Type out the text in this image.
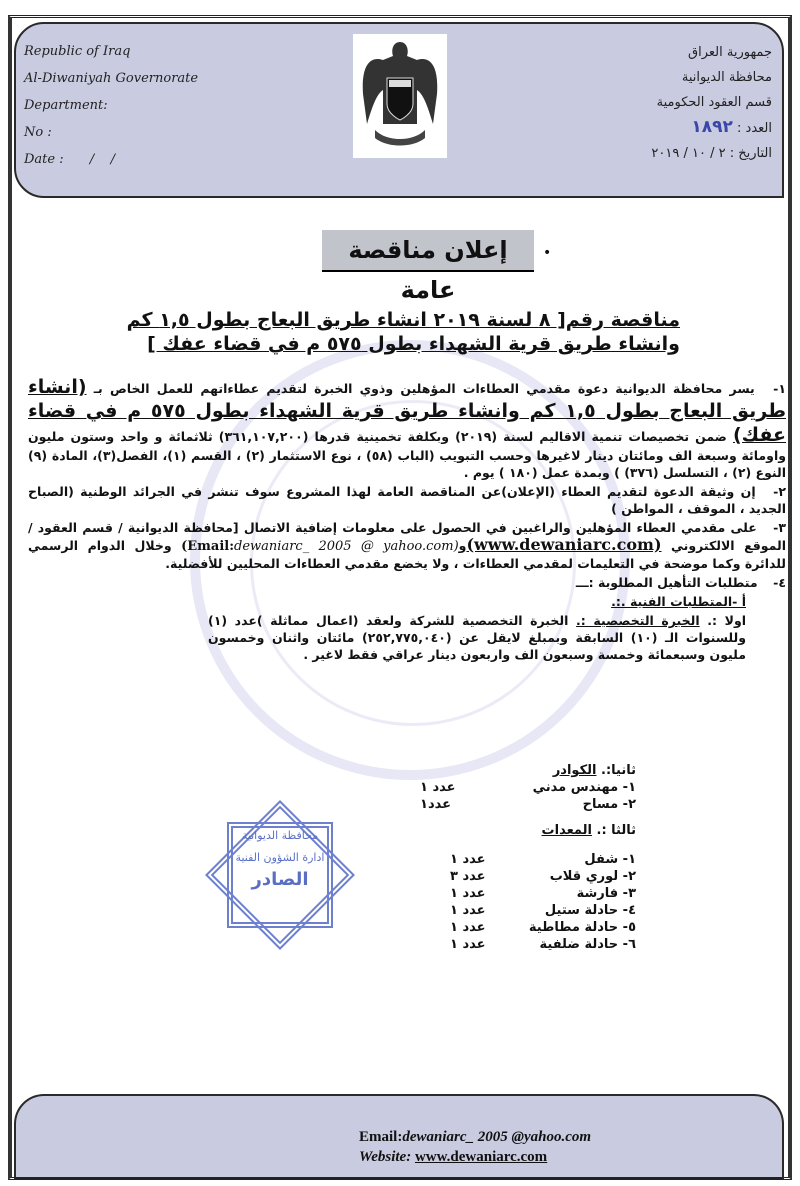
Republic of Iraq
Al-Diwaniyah Governorate
Department:
No :
Date : /    /
جمهورية العراق
محافظة الديوانية
قسم العقود الحكومية
العدد : ١٨٩٢
التاريخ : ٢ / ١٠ / ٢٠١٩
إعلان مناقصة عامة
•
مناقصة رقم[ ٨ لسنة ٢٠١٩ انشاء طريق البعاج بطول ١,٥ كم وانشاء طريق قرية الشهداء بطول ٥٧٥ م في قضاء عفك ]

١- يسر محافظة الديوانية دعوة مقدمي العطاءات المؤهلين وذوي الخبرة لتقديم عطاءاتهم للعمل الخاص بـ (انشاء طريق البعاج بطول ١,٥ كم وانشاء طريق قرية الشهداء بطول ٥٧٥ م في قضاء عفك) ضمن تخصيصات تنمية الاقاليم لسنة (٢٠١٩) وبكلفة تخمينية قدرها (٣٦١,١٠٧,٢٠٠) ثلاثمائة و واحد وستون مليون واومائة وسبعة الف ومائتان دينار لاغيرها وحسب التبويب (الباب (٥٨) ، نوع الاستثمار (٢) ، القسم (١)، الفصل(٣)، المادة (٩) النوع (٢) ، التسلسل (٣٧٦) ) وبمدة عمل (١٨٠ ) يوم .

٢- إن وثيقة الدعوة لتقديم العطاء (الإعلان)عن المناقصة العامة لهذا المشروع سوف تنشر في الجرائد الوطنية (الصباح الجديد ، الموقف ، المواطن )

٣- على مقدمي العطاء المؤهلين والراغبين في الحصول على معلومات إضافية الاتصال [محافظة الديوانية / قسم العقود / الموقع الالكتروني (www.dewaniarc.com)و(Email:dewaniarc_ 2005 @ yahoo.com) وخلال الدوام الرسمي للدائرة وكما موضحة في التعليمات لمقدمي العطاءات ، ولا يخضع مقدمي العطاءات المحليين للأفضلية.

٤- متطلبات التأهيل المطلوبة :ـــ

أ -المتطلبات الفنية .:.

اولا :. الخبرة التخصصية :. الخبرة التخصصية للشركة ولعقد (اعمال مماثلة )عدد (١) وللسنوات الـ (١٠) السابقة وبمبلغ لايقل عن (٢٥٢,٧٧٥,٠٤٠) مائتان واثنان وخمسون مليون وسبعمائة وخمسة وسبعون الف واربعون دينار عراقي فقط لاغير .

ثانيا:. الكوادر
١- مهندس مدني
عدد ١
٢- مساح
عدد١
ثالثا :. المعدات
١- شفل
عدد ١
٢- لوري قلاب
عدد ٣
٣- فارشة
عدد ١
٤- حادلة ستيل
عدد ١
٥- حادلة مطاطية
عدد ١
٦- حادلة ضلفية
عدد ١
محافظة الديوانية
ادارة الشؤون الفنية
الصادر
Email:dewaniarc_ 2005 @yahoo.com
Website: www.dewaniarc.com
